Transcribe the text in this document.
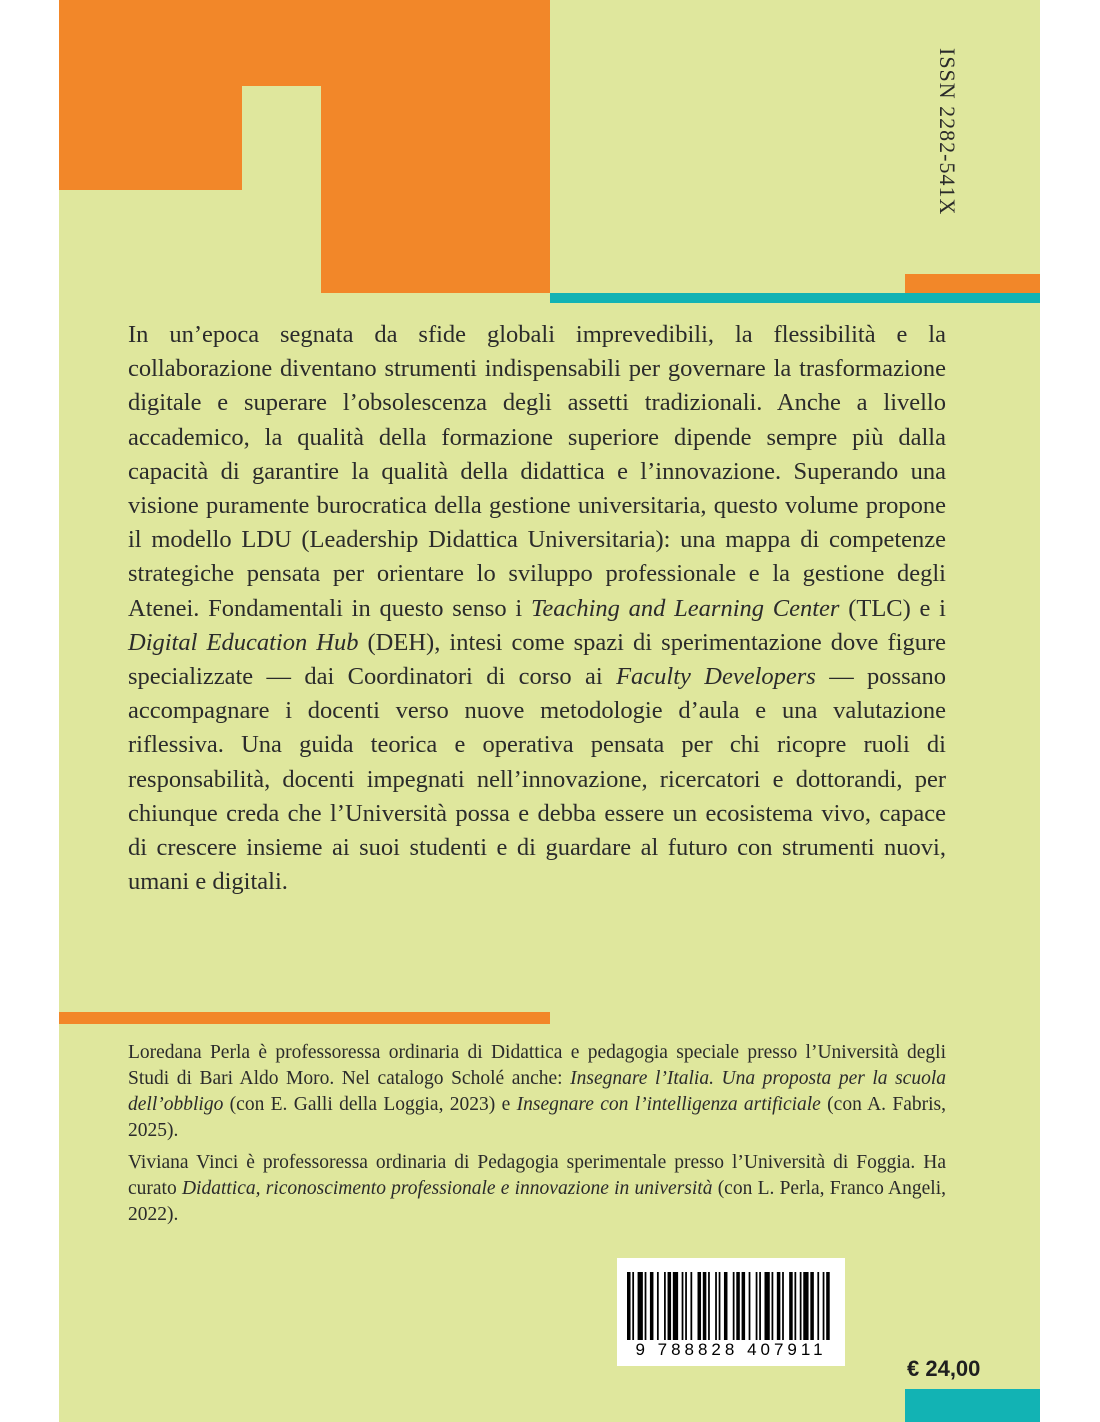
ISSN 2282-541X

In un’epoca segnata da sfide globali imprevedibili, la flessibilità e la collaborazione diventano strumenti indispensabili per governare la trasformazione digitale e superare l’obsolescenza degli assetti tradizionali. Anche a livello accademico, la qualità della formazione superiore dipende sempre più dalla capacità di garantire la qualità della didattica e l’innovazione. Superando una visione puramente burocratica della gestione universitaria, questo volume propone il modello LDU (Leadership Didattica Universitaria): una mappa di competenze strategiche pensata per orientare lo sviluppo professionale e la gestione degli Atenei. Fondamentali in questo senso i Teaching and Learning Center (TLC) e i Digital Education Hub (DEH), intesi come spazi di sperimentazione dove figure specializzate — dai Coordinatori di corso ai Faculty Developers — possano accompagnare i docenti verso nuove metodologie d’aula e una valutazione riflessiva. Una guida teorica e operativa pensata per chi ricopre ruoli di responsabilità, docenti impegnati nell’innovazione, ricercatori e dottorandi, per chiunque creda che l’Università possa e debba essere un ecosistema vivo, capace di crescere insieme ai suoi studenti e di guardare al futuro con strumenti nuovi, umani e digitali.

Loredana Perla è professoressa ordinaria di Didattica e pedagogia speciale presso l’Università degli Studi di Bari Aldo Moro. Nel catalogo Scholé anche: Insegnare l’Italia. Una proposta per la scuola dell’obbligo (con E. Galli della Loggia, 2023) e Insegnare con l’intelligenza artificiale (con A. Fabris, 2025).

Viviana Vinci è professoressa ordinaria di Pedagogia sperimentale presso l’Università di Foggia. Ha curato Didattica, riconoscimento professionale e innovazione in università (con L. Perla, Franco Angeli, 2022).

9 788828 407911
€ 24,00
